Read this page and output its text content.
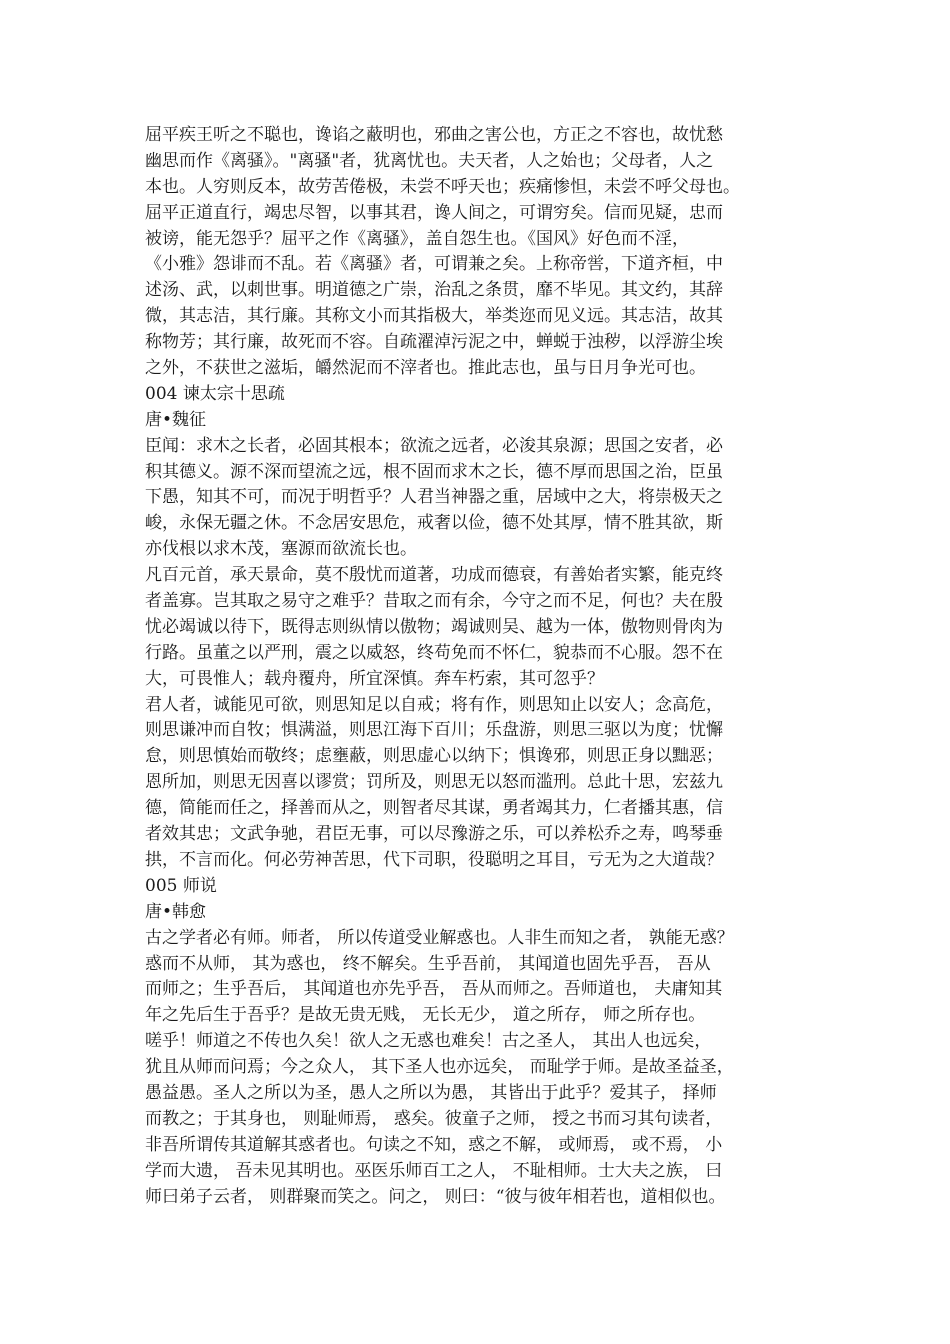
屈平疾王听之不聪也，谗谄之蔽明也，邪曲之害公也，方正之不容也，故忧愁
幽思而作《离骚》。"离骚"者，犹离忧也。夫天者，人之始也；父母者，人之
本也。人穷则反本，故劳苦倦极，未尝不呼天也；疾痛惨怛，未尝不呼父母也。
屈平正道直行，竭忠尽智，以事其君，谗人间之，可谓穷矣。信而见疑，忠而
被谤，能无怨乎？屈平之作《离骚》，盖自怨生也。《国风》好色而不淫，
《小雅》怨诽而不乱。若《离骚》者，可谓兼之矣。上称帝喾，下道齐桓，中
述汤、武，以刺世事。明道德之广崇，治乱之条贯，靡不毕见。其文约，其辞
微，其志洁，其行廉。其称文小而其指极大，举类迩而见义远。其志洁，故其
称物芳；其行廉，故死而不容。自疏濯淖污泥之中，蝉蜕于浊秽，以浮游尘埃
之外，不获世之滋垢，皭然泥而不滓者也。推此志也，虽与日月争光可也。
004 谏太宗十思疏
唐•魏征
臣闻：求木之长者，必固其根本；欲流之远者，必浚其泉源；思国之安者，必
积其德义。源不深而望流之远，根不固而求木之长，德不厚而思国之治，臣虽
下愚，知其不可，而况于明哲乎？人君当神器之重，居域中之大，将崇极天之
峻，永保无疆之休。不念居安思危，戒奢以俭，德不处其厚，情不胜其欲，斯
亦伐根以求木茂，塞源而欲流长也。
凡百元首，承天景命，莫不殷忧而道著，功成而德衰，有善始者实繁，能克终
者盖寡。岂其取之易守之难乎？昔取之而有余，今守之而不足，何也？夫在殷
忧必竭诚以待下，既得志则纵情以傲物；竭诚则吴、越为一体，傲物则骨肉为
行路。虽董之以严刑，震之以威怒，终苟免而不怀仁，貌恭而不心服。怨不在
大，可畏惟人；载舟覆舟，所宜深慎。奔车朽索，其可忽乎？
君人者，诚能见可欲，则思知足以自戒；将有作，则思知止以安人；念高危，
则思谦冲而自牧；惧满溢，则思江海下百川；乐盘游，则思三驱以为度；忧懈
怠，则思慎始而敬终；虑壅蔽，则思虚心以纳下；惧谗邪，则思正身以黜恶；
恩所加，则思无因喜以谬赏；罚所及，则思无以怒而滥刑。总此十思，宏兹九
德，简能而任之，择善而从之，则智者尽其谋，勇者竭其力，仁者播其惠，信
者效其忠；文武争驰，君臣无事，可以尽豫游之乐，可以养松乔之寿，鸣琴垂
拱，不言而化。何必劳神苦思，代下司职，役聪明之耳目，亏无为之大道哉？
005 师说
唐•韩愈
古之学者必有师。师者， 所以传道受业解惑也。人非生而知之者， 孰能无惑？
惑而不从师， 其为惑也， 终不解矣。生乎吾前， 其闻道也固先乎吾， 吾从
而师之；生乎吾后， 其闻道也亦先乎吾， 吾从而师之。吾师道也， 夫庸知其
年之先后生于吾乎？是故无贵无贱， 无长无少， 道之所存， 师之所存也。
嗟乎！师道之不传也久矣！欲人之无惑也难矣！古之圣人， 其出人也远矣，
犹且从师而问焉；今之众人， 其下圣人也亦远矣， 而耻学于师。是故圣益圣，
愚益愚。圣人之所以为圣，愚人之所以为愚， 其皆出于此乎？爱其子， 择师
而教之；于其身也， 则耻师焉， 惑矣。彼童子之师， 授之书而习其句读者，
非吾所谓传其道解其惑者也。句读之不知，惑之不解， 或师焉， 或不焉， 小
学而大遗， 吾未见其明也。巫医乐师百工之人， 不耻相师。士大夫之族， 曰
师曰弟子云者， 则群聚而笑之。问之， 则曰：“彼与彼年相若也，道相似也。
